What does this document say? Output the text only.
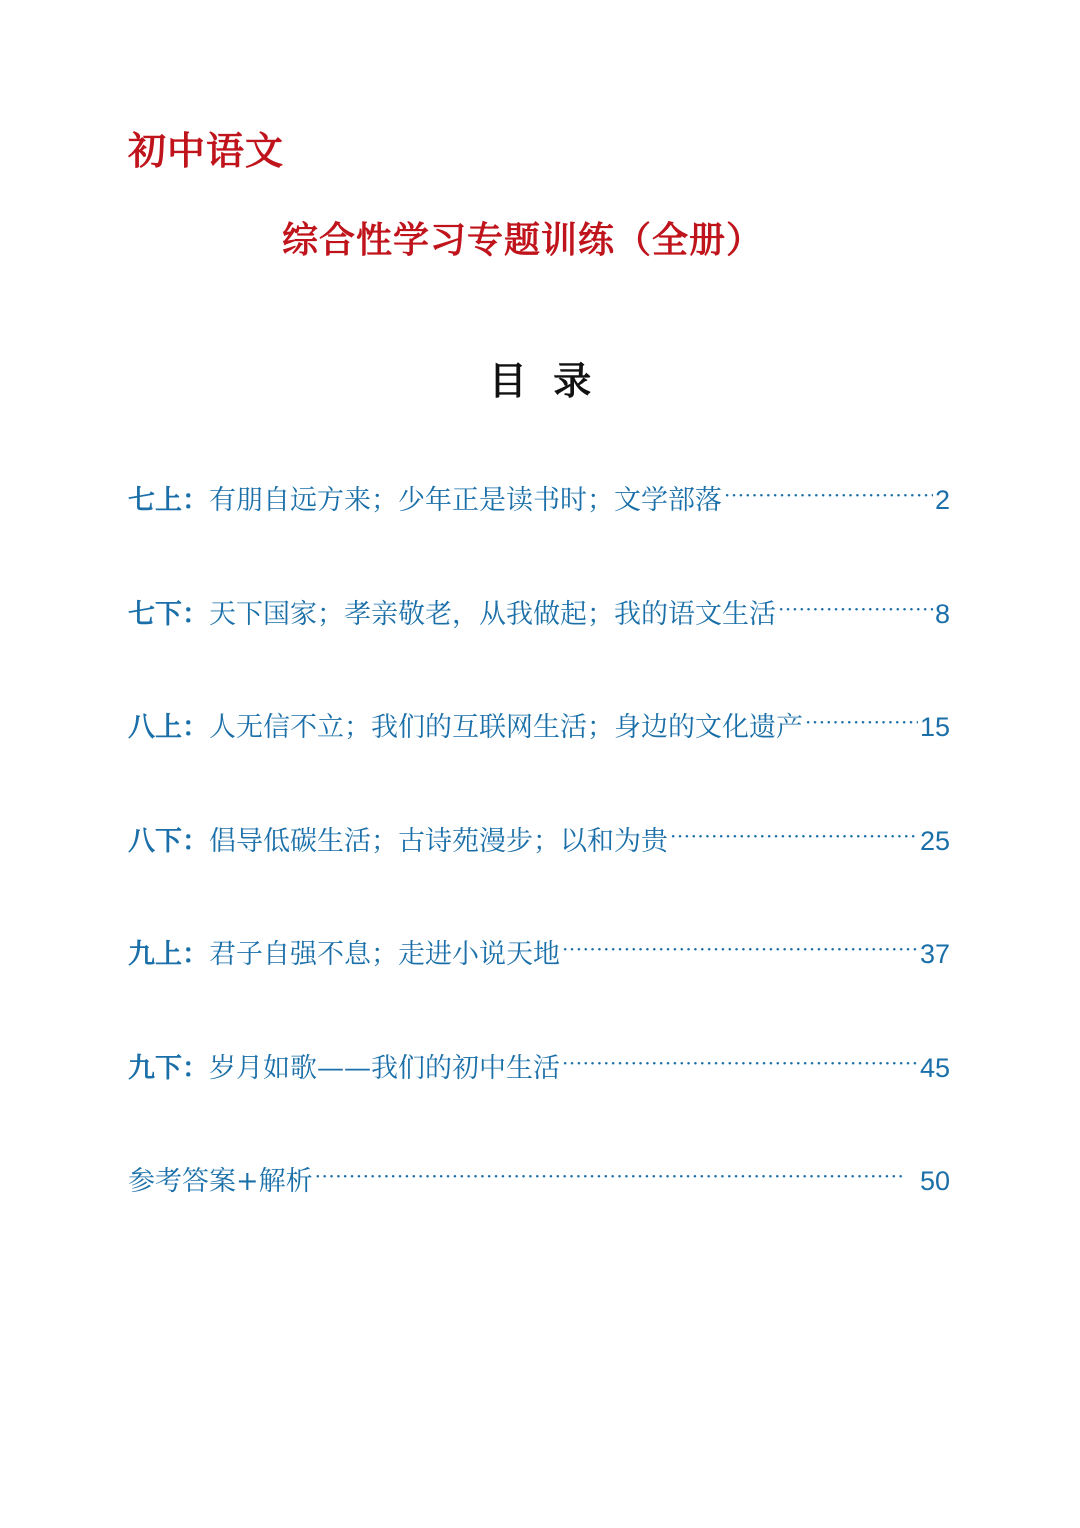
初中语文
综合性学习专题训练（全册）
目  录
七上： 有朋自远方来；少年正是读书时；文学部落 ·····	2
七下： 天下国家；孝亲敬老，从我做起；我的语文生活 ·····	8
八上： 人无信不立；我们的互联网生活；身边的文化遗产 ·····	15
八下： 倡导低碳生活；古诗苑漫步；以和为贵 ·····	25
九上： 君子自强不息；走进小说天地 ·····	37
九下： 岁月如歌——我们的初中生活 ·····	45
参考答案+解析 ·····	50
